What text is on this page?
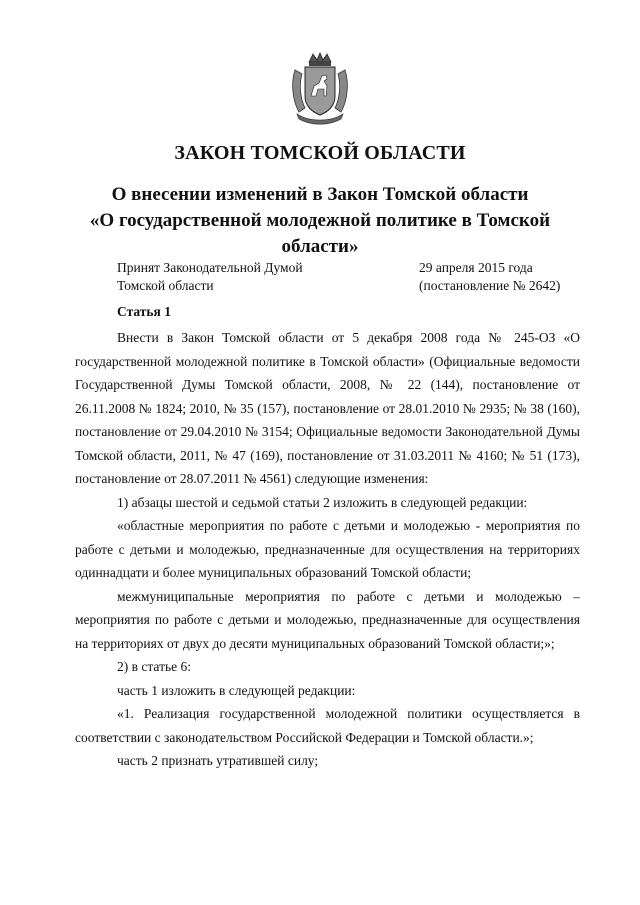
ЗАКОН ТОМСКОЙ ОБЛАСТИ
О внесении изменений в Закон Томской области
«О государственной молодежной политике в Томской области»
Принят Законодательной Думой
Томской области
29 апреля 2015 года
(постановление № 2642)
Статья 1

Внести в Закон Томской области от 5 декабря 2008 года № 245-ОЗ «О государственной молодежной политике в Томской области» (Официальные ведомости Государственной Думы Томской области, 2008, № 22 (144), постановление от 26.11.2008 № 1824; 2010, № 35 (157), постановление от 28.01.2010 № 2935; № 38 (160), постановление от 29.04.2010 № 3154; Официальные ведомости Законодательной Думы Томской области, 2011, № 47 (169), постановление от 31.03.2011 № 4160; № 51 (173), постановление от 28.07.2011 № 4561) следующие изменения:

1) абзацы шестой и седьмой статьи 2 изложить в следующей редакции:

«областные мероприятия по работе с детьми и молодежью - мероприятия по работе с детьми и молодежью, предназначенные для осуществления на территориях одиннадцати и более муниципальных образований Томской области;

межмуниципальные мероприятия по работе с детьми и молодежью – мероприятия по работе с детьми и молодежью, предназначенные для осуществления на территориях от двух до десяти муниципальных образований Томской области;»;

2) в статье 6:

часть 1 изложить в следующей редакции:

«1. Реализация государственной молодежной политики осуществляется в соответствии с законодательством Российской Федерации и Томской области.»;

часть 2 признать утратившей силу;
